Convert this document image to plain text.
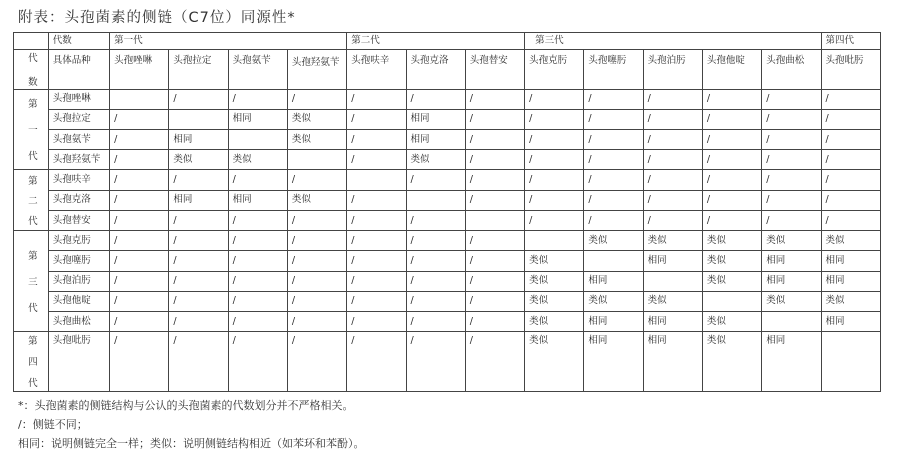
附表：头孢菌素的侧链（C7位）同源性*
	代数	第一代				第二代			第三代					第四代

代
数	具体品种	头孢唑啉	头孢拉定	头孢氨苄	头孢羟氨苄	头孢呋辛	头孢克洛	头孢替安	头孢克肟	头孢噻肟	头孢泊肟	头孢他啶	头孢曲松	头孢吡肟

第
一
代	头孢唑啉		/	/	/	/	/	/	/	/	/	/	/	/
	头孢拉定	/		相同	类似	/	相同	/	/	/	/	/	/	/
	头孢氨苄	/	相同		类似	/	相同	/	/	/	/	/	/	/
	头孢羟氨苄	/	类似	类似		/	类似	/	/	/	/	/	/	/

第
二
代	头孢呋辛	/	/	/	/		/	/	/	/	/	/	/	/
	头孢克洛	/	相同	相同	类似	/		/	/	/	/	/	/	/
	头孢替安	/	/	/	/	/	/		/	/	/	/	/	/

第
三
代	头孢克肟	/	/	/	/	/	/	/		类似	类似	类似	类似	类似
	头孢噻肟	/	/	/	/	/	/	/	类似		相同	类似	相同	相同
	头孢泊肟	/	/	/	/	/	/	/	类似	相同		类似	相同	相同
	头孢他啶	/	/	/	/	/	/	/	类似	类似	类似		类似	类似
	头孢曲松	/	/	/	/	/	/	/	类似	相同	相同	类似		相同

第
四
代	头孢吡肟	/	/	/	/	/	/	/	类似	相同	相同	类似	相同	
*：头孢菌素的侧链结构与公认的头孢菌素的代数划分并不严格相关。
/：侧链不同；
相同：说明侧链完全一样；类似：说明侧链结构相近（如苯环和苯酚）。
